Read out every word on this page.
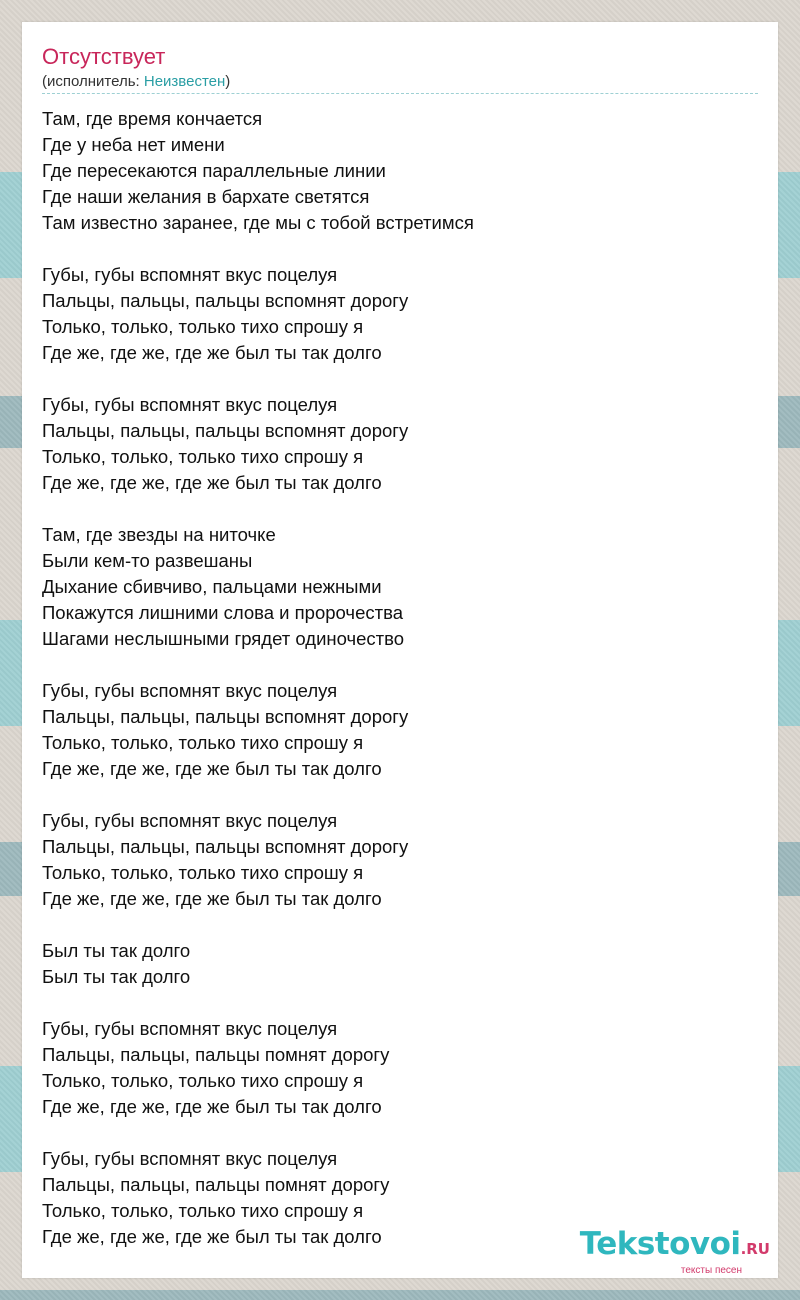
Отсутствует
(исполнитель: Неизвестен)
Там, где время кончается
Где у неба нет имени
Где пересекаются параллельные линии
Где наши желания в бархате светятся
Там известно заранее, где мы с тобой встретимся
Губы, губы вспомнят вкус поцелуя
Пальцы, пальцы, пальцы вспомнят дорогу
Только, только, только тихо спрошу я
Где же, где же, где же был ты так долго
Губы, губы вспомнят вкус поцелуя
Пальцы, пальцы, пальцы вспомнят дорогу
Только, только, только тихо спрошу я
Где же, где же, где же был ты так долго
Там, где звезды на ниточке
Были кем-то развешаны
Дыхание сбивчиво, пальцами нежными
Покажутся лишними слова и пророчества
Шагами неслышными грядет одиночество
Губы, губы вспомнят вкус поцелуя
Пальцы, пальцы, пальцы вспомнят дорогу
Только, только, только тихо спрошу я
Где же, где же, где же был ты так долго
Губы, губы вспомнят вкус поцелуя
Пальцы, пальцы, пальцы вспомнят дорогу
Только, только, только тихо спрошу я
Где же, где же, где же был ты так долго
Был ты так долго
Был ты так долго
Губы, губы вспомнят вкус поцелуя
Пальцы, пальцы, пальцы помнят дорогу
Только, только, только тихо спрошу я
Где же, где же, где же был ты так долго
Губы, губы вспомнят вкус поцелуя
Пальцы, пальцы, пальцы помнят дорогу
Только, только, только тихо спрошу я
Где же, где же, где же был ты так долго	Tekstovoi.RU
тексты песен
